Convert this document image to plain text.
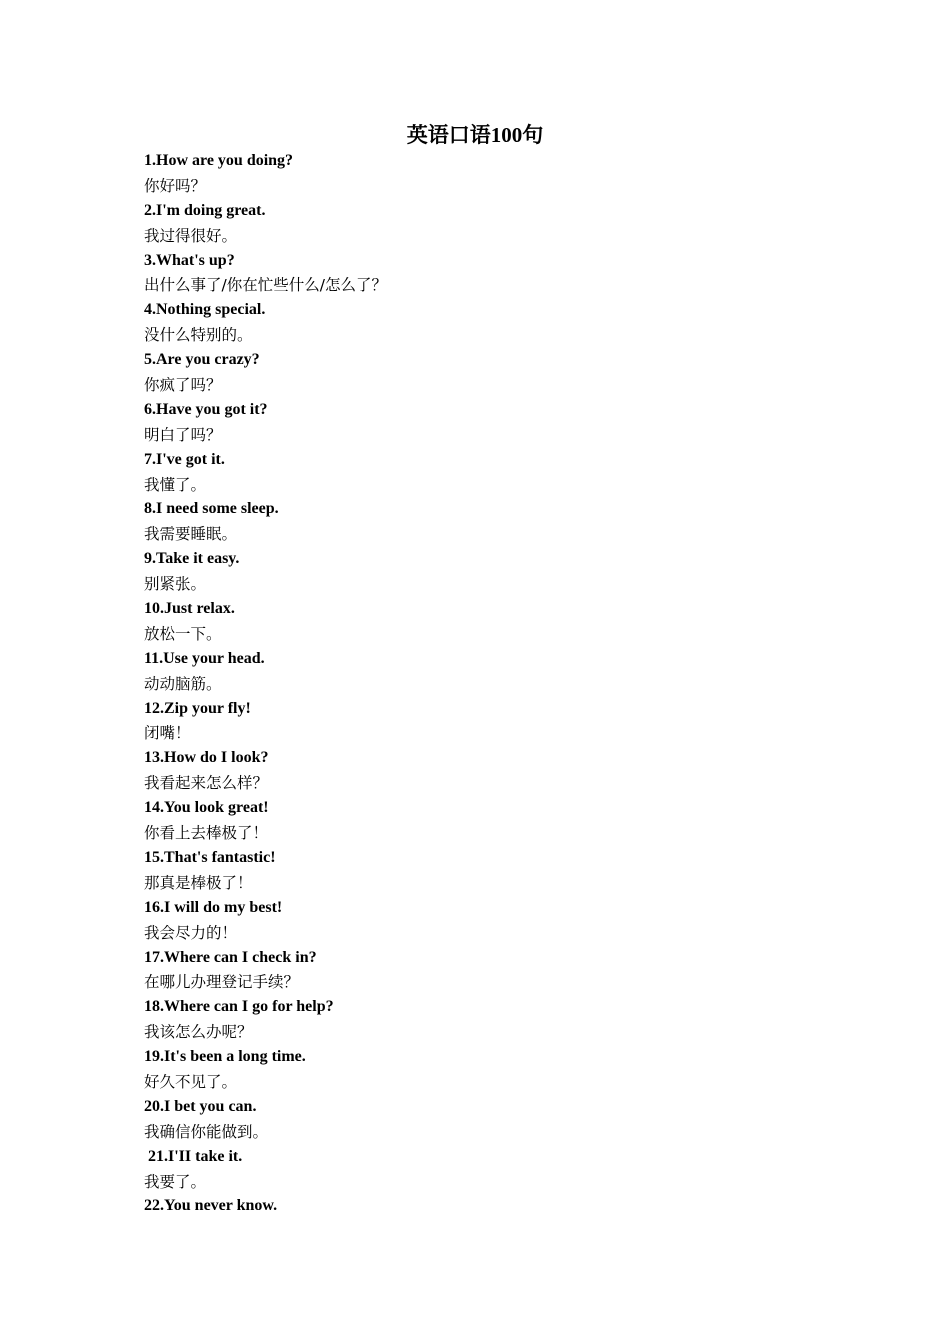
英语口语100句
1.How are you doing?
你好吗？
2.I'm doing great.
我过得很好。
3.What's up?
出什么事了/你在忙些什么/怎么了？
4.Nothing special.
没什么特别的。
5.Are you crazy?
你疯了吗？
6.Have you got it?
明白了吗？
7.I've got it.
我懂了。
8.I need some sleep.
我需要睡眠。
9.Take it easy.
别紧张。
10.Just relax.
放松一下。
11.Use your head.
动动脑筋。
12.Zip your fly!
闭嘴！
13.How do I look?
我看起来怎么样？
14.You look great!
你看上去棒极了！
15.That's fantastic!
那真是棒极了！
16.I will do my best!
我会尽力的！
17.Where can I check in?
在哪儿办理登记手续？
18.Where can I go for help?
我该怎么办呢？
19.It's been a long time.
好久不见了。
20.I bet you can.
我确信你能做到。
21.I'II take it.
我要了。
22.You never know.
